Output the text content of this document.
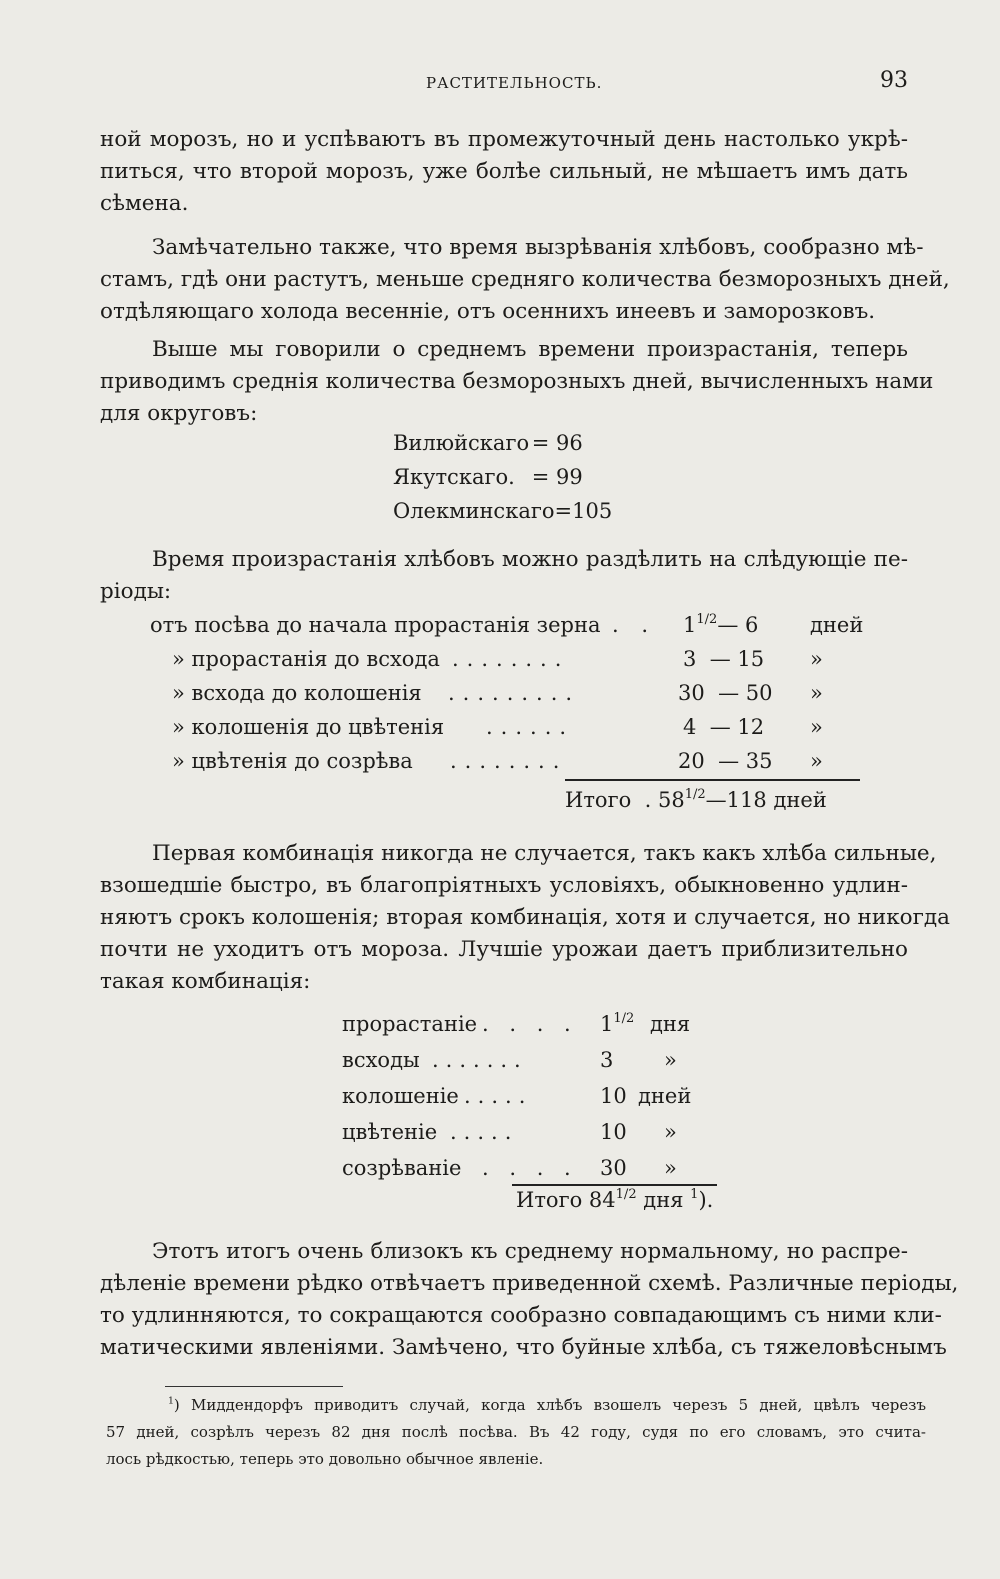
РАСТИТЕЛЬНОСТЬ.	93
ной морозъ, но и успѣваютъ въ промежуточный день настолько укрѣ-
питься, что второй морозъ, уже болѣе сильный, не мѣшаетъ имъ дать
сѣмена.
Замѣчательно также, что время вызрѣванія хлѣбовъ, сообразно мѣ-
стамъ, гдѣ они растутъ, меньше средняго количества безморозныхъ дней,
отдѣляющаго холода весенніе, отъ осеннихъ инеевъ и заморозковъ.
Выше мы говорили о среднемъ времени произрастанія, теперь
приводимъ среднія количества безморозныхъ дней, вычисленныхъ нами
для округовъ:
Вилюйскаго = 96
Якутскаго. = 99
Олекминскаго=105
Время произрастанія хлѣбовъ можно раздѣлить на слѣдующіе пе-
ріоды:
отъ посѣва до начала прорастанія зерна . . $1^{1/2}—$ 6 дней
» прорастанія до всхода ........	3 — 15 »
» всхода до колошенія .........	30 — 50 »
» колошенія до цвѣтенія ......	4 — 12 »
» цвѣтенія до созрѣва ........	20 — 35 »
Итого . $58^{1/2}—118$ дней
Первая комбинація никогда не случается, такъ какъ хлѣба сильные,
взошедшіе быстро, въ благопріятныхъ условіяхъ, обыкновенно удлин-
няютъ срокъ колошенія; вторая комбинація, хотя и случается, но никогда
почти не уходитъ отъ мороза. Лучшіе урожаи даетъ приблизительно
такая комбинація:
прорастаніе . . . . $1^{1/2}$ дня
всходы .......	3 »
колошеніе .....	10 дней
цвѣтеніе .....	10 »
созрѣваніе . . . . 30 »
Итого $84^{1/2}$ дня $^1$).
Этотъ итогъ очень близокъ къ среднему нормальному, но распре-
дѣленіе времени рѣдко отвѣчаетъ приведенной схемѣ. Различные періоды,
то удлинняются, то сокращаются сообразно совпадающимъ съ ними кли-
матическими явленіями. Замѣчено, что буйные хлѣба, съ тяжеловѣснымъ
$^1$) Миддендорфъ приводитъ случай, когда хлѣбъ взошелъ черезъ 5 дней, цвѣлъ черезъ
57 дней, созрѣлъ черезъ 82 дня послѣ посѣва. Въ 42 году, судя по его словамъ, это счита-
лось рѣдкостью, теперь это довольно обычное явленіе.
